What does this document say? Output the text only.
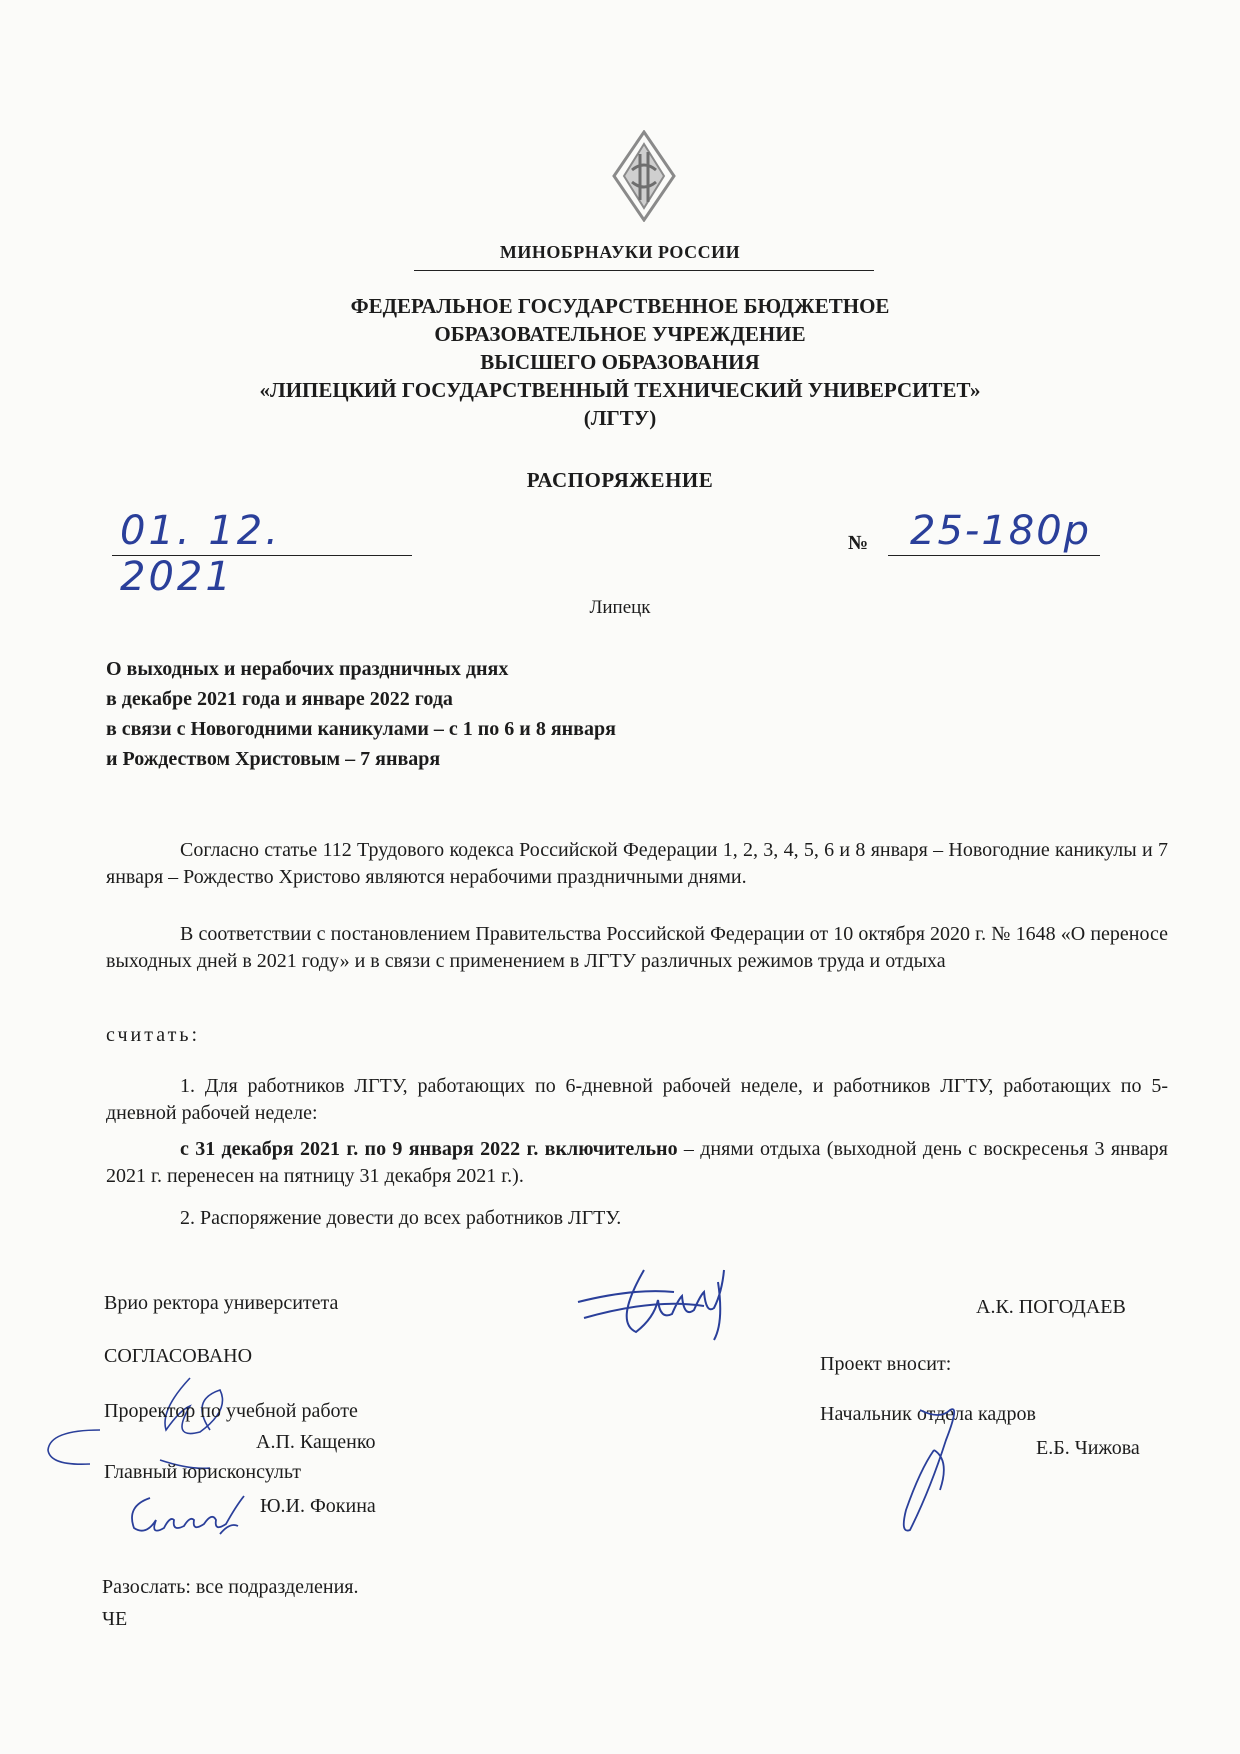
МИНОБРНАУКИ РОССИИ
ФЕДЕРАЛЬНОЕ ГОСУДАРСТВЕННОЕ БЮДЖЕТНОЕ
ОБРАЗОВАТЕЛЬНОЕ УЧРЕЖДЕНИЕ
ВЫСШЕГО ОБРАЗОВАНИЯ
«ЛИПЕЦКИЙ ГОСУДАРСТВЕННЫЙ ТЕХНИЧЕСКИЙ УНИВЕРСИТЕТ»
(ЛГТУ)
РАСПОРЯЖЕНИЕ
01. 12. 2021
№ 25-180р
Липецк
О выходных и нерабочих праздничных днях
в декабре 2021 года и январе 2022 года
в связи с Новогодними каникулами – с 1 по 6 и 8 января
и Рождеством Христовым – 7 января
Согласно статье 112 Трудового кодекса Российской Федерации 1, 2, 3, 4, 5, 6 и 8 января – Новогодние каникулы и 7 января – Рождество Христово являются нерабочими праздничными днями.
В соответствии с постановлением Правительства Российской Федерации от 10 октября 2020 г. № 1648 «О переносе выходных дней в 2021 году» и в связи с применением в ЛГТУ различных режимов труда и отдыха
считать:
1. Для работников ЛГТУ, работающих по 6-дневной рабочей неделе, и работников ЛГТУ, работающих по 5-дневной рабочей неделе:
с 31 декабря 2021 г. по 9 января 2022 г. включительно – днями отдыха (выходной день с воскресенья 3 января 2021 г. перенесен на пятницу 31 декабря 2021 г.).
2. Распоряжение довести до всех работников ЛГТУ.
Врио ректора университета	А.К. ПОГОДАЕВ
СОГЛАСОВАНО	Проект вносит:
Проректор по учебной работе
А.П. Кащенко
Начальник отдела кадров
Е.Б. Чижова
Главный юрисконсульт
Ю.И. Фокина
Разослать: все подразделения.
ЧЕ
